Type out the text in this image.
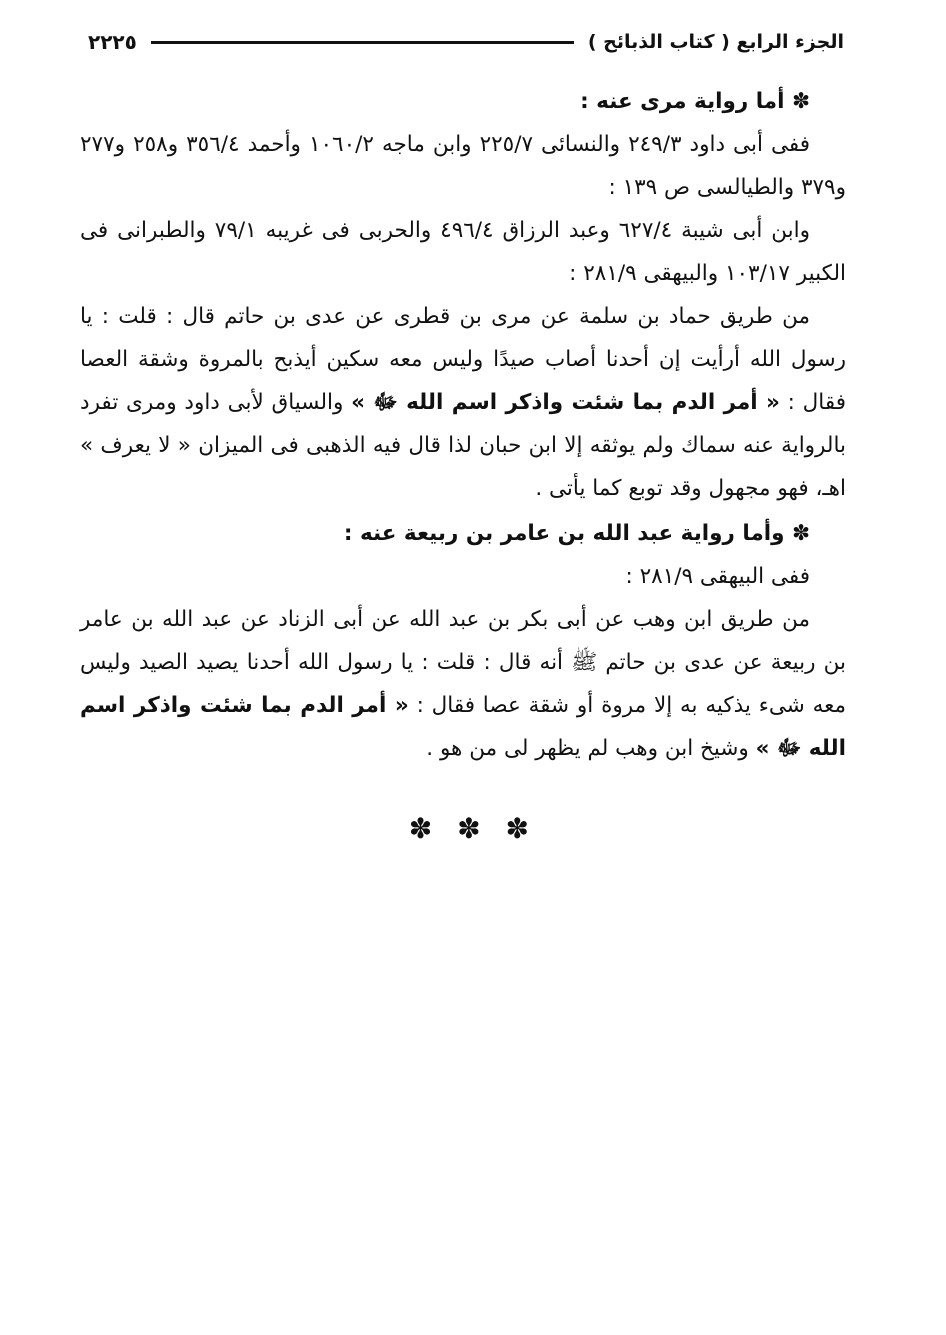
الجزء الرابع ( كتاب الذبائح )
٢٢٢٥

✽ أما رواية مرى عنه :

ففى أبى داود ٢٤٩/٣ والنسائى ٢٢٥/٧ وابن ماجه ١٠٦٠/٢ وأحمد ٣٥٦/٤ و٢٥٨ و٢٧٧ و٣٧٩ والطيالسى ص ١٣٩ :

وابن أبى شيبة ٦٢٧/٤ وعبد الرزاق ٤٩٦/٤ والحربى فى غريبه ٧٩/١ والطبرانى فى الكبير ١٠٣/١٧ والبيهقى ٢٨١/٩ :

من طريق حماد بن سلمة عن مرى بن قطرى عن عدى بن حاتم قال : قلت : يا رسول الله أرأيت إن أحدنا أصاب صيدًا وليس معه سكين أيذبح بالمروة وشقة العصا فقال : « أمر الدم بما شئت واذكر اسم الله ﷻ » والسياق لأبى داود ومرى تفرد بالرواية عنه سماك ولم يوثقه إلا ابن حبان لذا قال فيه الذهبى فى الميزان « لا يعرف » اهـ، فهو مجهول وقد توبع كما يأتى .

✽ وأما رواية عبد الله بن عامر بن ربيعة عنه :

ففى البيهقى ٢٨١/٩ :

من طريق ابن وهب عن أبى بكر بن عبد الله عن أبى الزناد عن عبد الله بن عامر بن ربيعة عن عدى بن حاتم ﷺ أنه قال : قلت : يا رسول الله أحدنا يصيد الصيد وليس معه شىء يذكيه به إلا مروة أو شقة عصا فقال : « أمر الدم بما شئت واذكر اسم الله ﷻ » وشيخ ابن وهب لم يظهر لى من هو .

✽ ✽ ✽
